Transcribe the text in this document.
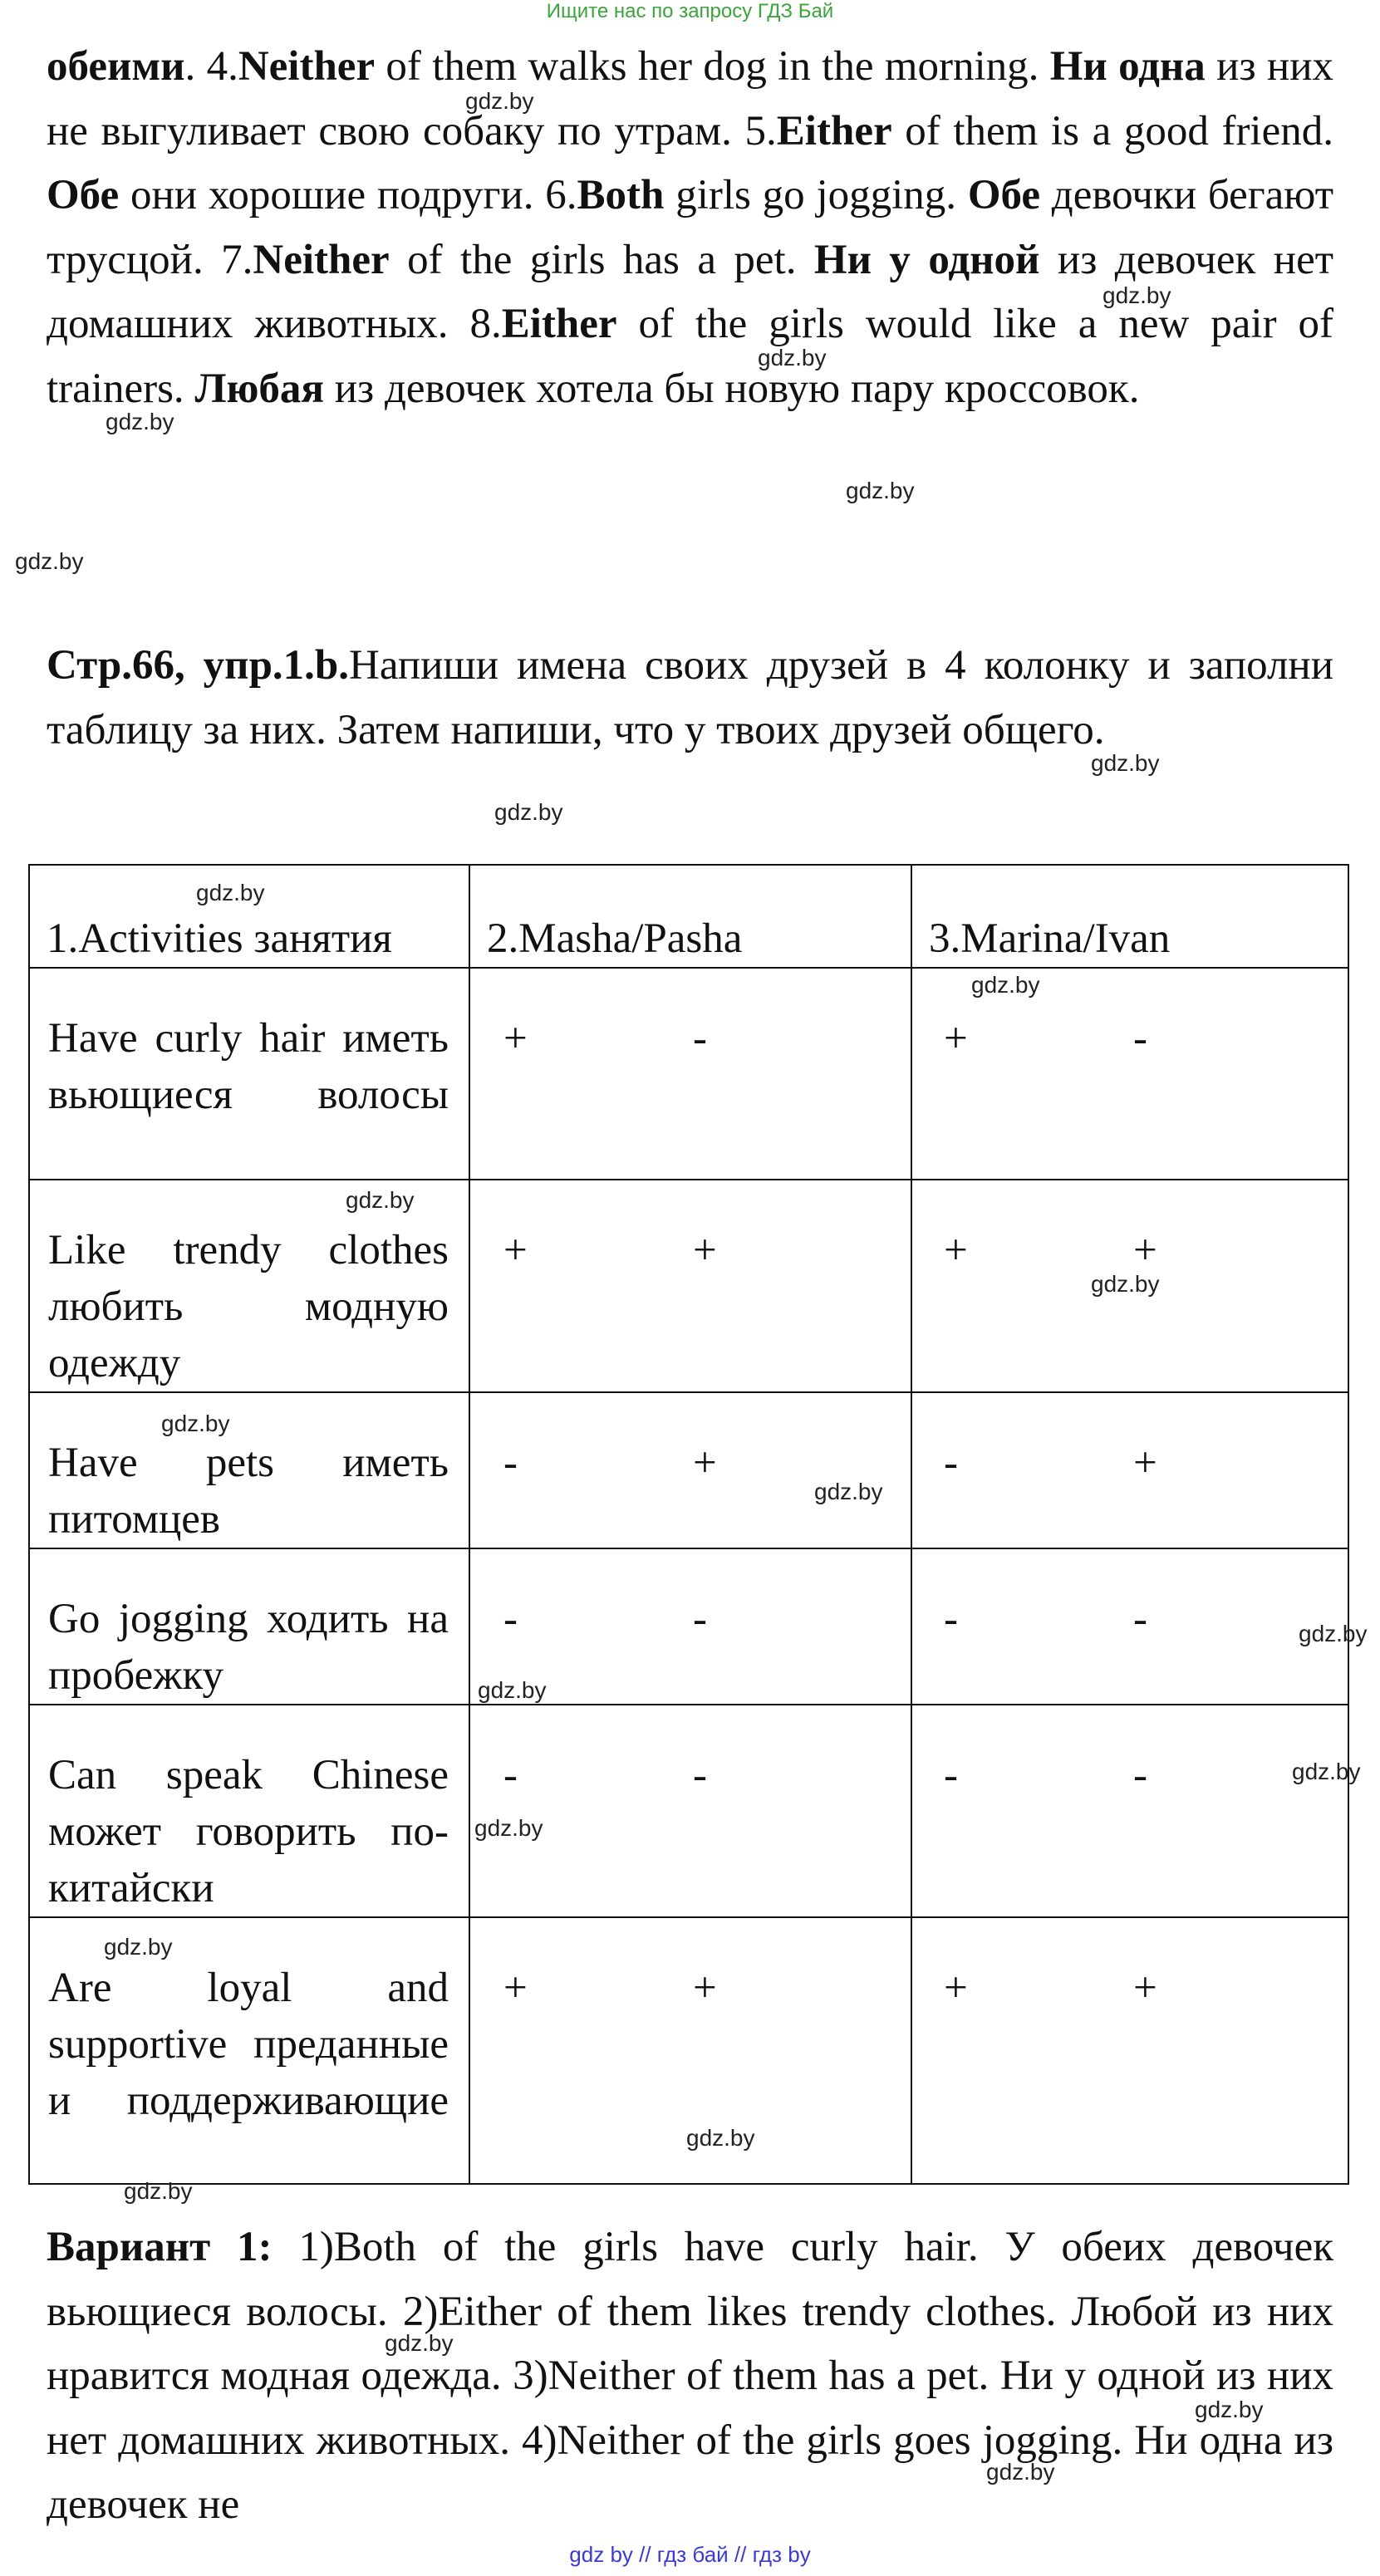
Ищите нас по запросу ГДЗ Бай
обеими. 4.Neither of them walks her dog in the morning. Ни одна из них не выгуливает свою собаку по утрам. 5.Either of them is a good friend. Обе они хорошие подруги. 6.Both girls go jogging. Обе девочки бегают трусцой. 7.Neither of the girls has a pet. Ни у одной из девочек нет домашних животных. 8.Either of the girls would like a new pair of trainers. Любая из девочек хотела бы новую пару кроссовок.
Стр.66, упр.1.b.Напиши имена своих друзей в 4 колонку и заполни таблицу за них. Затем напиши, что у твоих друзей общего.
1.Activities занятия	2.Masha/Pasha	3.Marina/Ivan

Have curly hair иметь вьющиеся волосы	+ -	+ -

Like trendy clothes любить модную одежду	+ +	+ +

Have pets иметь питомцев	- +	- +

Go jogging ходить на пробежку	- -	- -

Can speak Chinese может говорить по-китайски	- -	- -

Are loyal and supportive преданные и поддерживающие	+ +	+ +
Вариант 1: 1)Both of the girls have curly hair. У обеих девочек вьющиеся волосы. 2)Either of them likes trendy clothes. Любой из них нравится модная одежда. 3)Neither of them has a pet. Ни у одной из них нет домашних животных. 4)Neither of the girls goes jogging. Ни одна из девочек не
gdz.by
gdz.by
gdz.by
gdz.by
gdz.by
gdz.by
gdz.by
gdz.by
gdz.by
gdz.by
gdz.by
gdz.by
gdz.by
gdz.by
gdz.by
gdz.by
gdz.by
gdz.by
gdz.by
gdz.by
gdz.by
gdz.by
gdz.by
gdz.by
gdz by // гдз бай // гдз by
